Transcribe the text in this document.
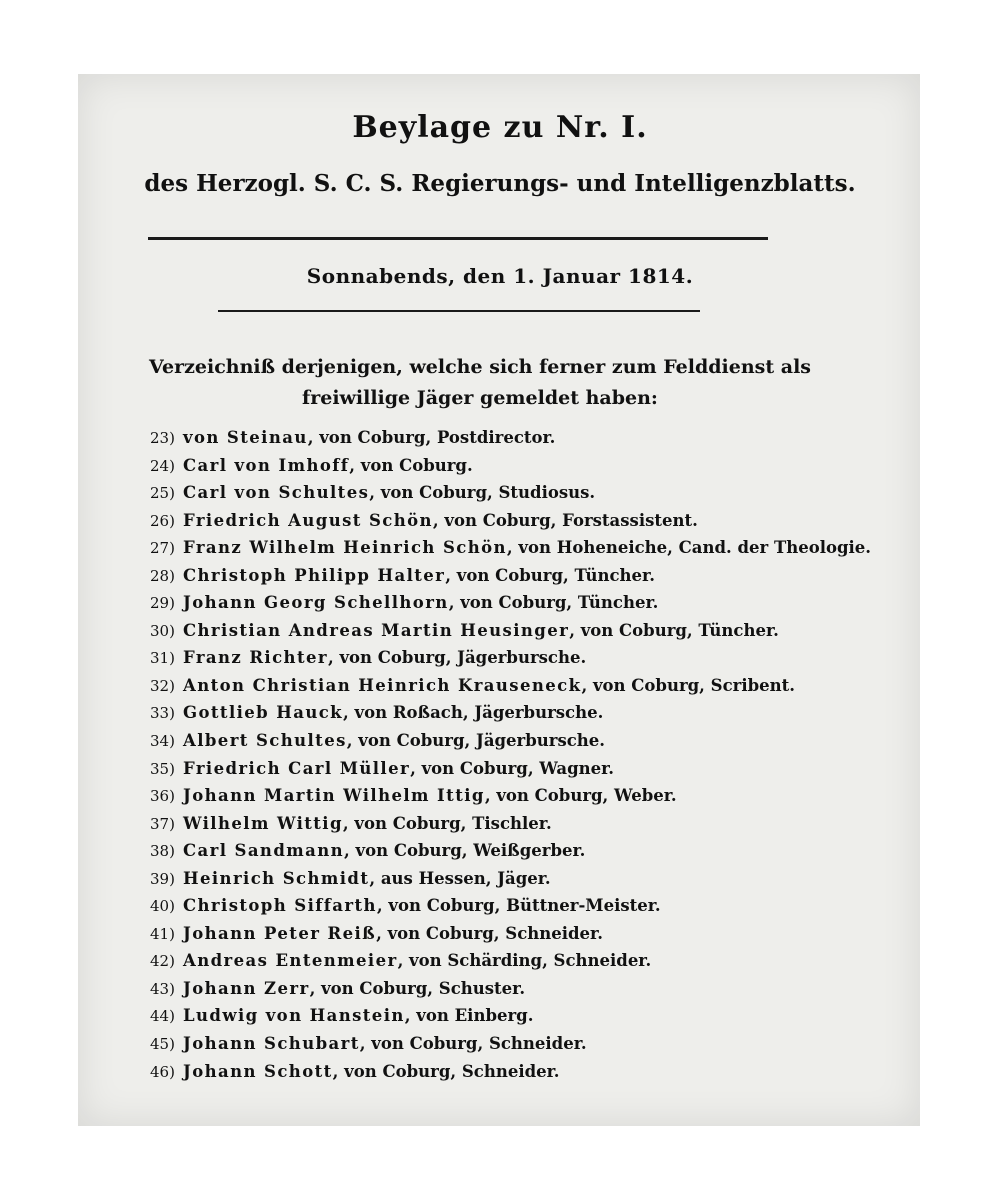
Beylage zu Nr. I.
des Herzogl. S. C. S. Regierungs- und Intelligenzblatts.
Sonnabends, den 1. Januar 1814.
Verzeichniß derjenigen, welche sich ferner zum Felddienst als freiwillige Jäger gemeldet haben:
23) von Steinau, von Coburg, Postdirector.
24) Carl von Imhoff, von Coburg.
25) Carl von Schultes, von Coburg, Studiosus.
26) Friedrich August Schön, von Coburg, Forstassistent.
27) Franz Wilhelm Heinrich Schön, von Hoheneiche, Cand. der Theologie.
28) Christoph Philipp Halter, von Coburg, Tüncher.
29) Johann Georg Schellhorn, von Coburg, Tüncher.
30) Christian Andreas Martin Heusinger, von Coburg, Tüncher.
31) Franz Richter, von Coburg, Jägerbursche.
32) Anton Christian Heinrich Krauseneck, von Coburg, Scribent.
33) Gottlieb Hauck, von Roßach, Jägerbursche.
34) Albert Schultes, von Coburg, Jägerbursche.
35) Friedrich Carl Müller, von Coburg, Wagner.
36) Johann Martin Wilhelm Ittig, von Coburg, Weber.
37) Wilhelm Wittig, von Coburg, Tischler.
38) Carl Sandmann, von Coburg, Weißgerber.
39) Heinrich Schmidt, aus Hessen, Jäger.
40) Christoph Siffarth, von Coburg, Büttner-Meister.
41) Johann Peter Reiß, von Coburg, Schneider.
42) Andreas Entenmeier, von Schärding, Schneider.
43) Johann Zerr, von Coburg, Schuster.
44) Ludwig von Hanstein, von Einberg.
45) Johann Schubart, von Coburg, Schneider.
46) Johann Schott, von Coburg, Schneider.
